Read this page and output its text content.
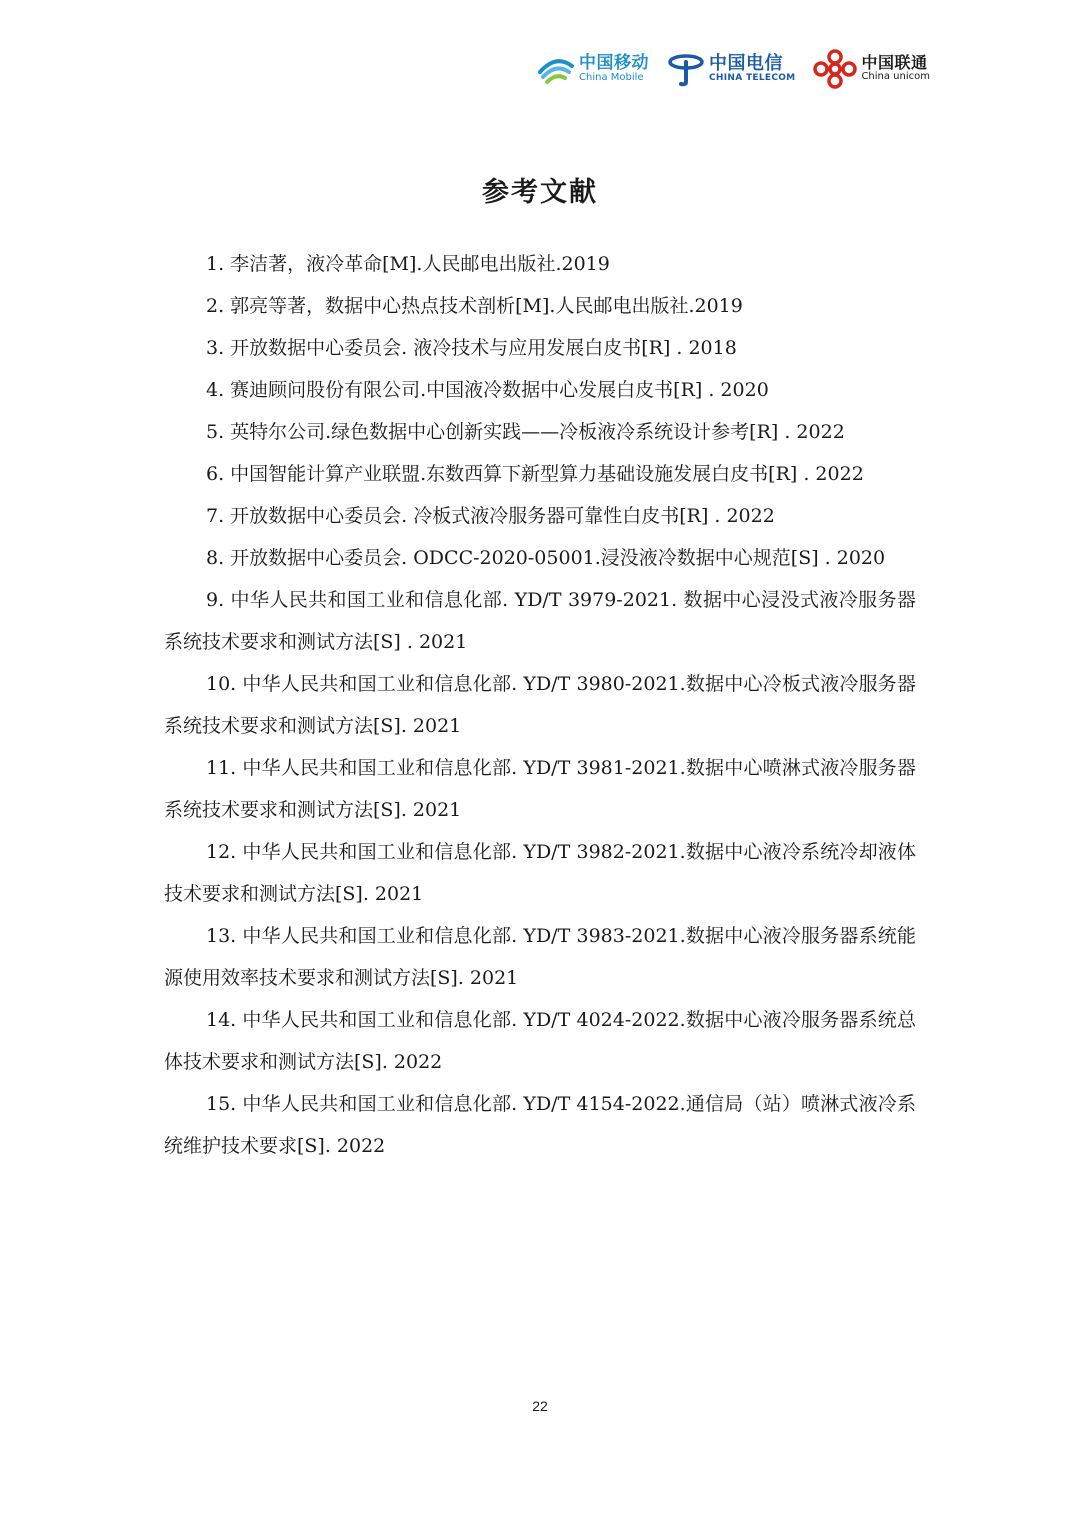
中国移动
China Mobile
中国电信
CHINA TELECOM
中国联通
China unicom
参考文献
1. 李洁著，液冷革命[M].人民邮电出版社.2019
2. 郭亮等著，数据中心热点技术剖析[M].人民邮电出版社.2019
3. 开放数据中心委员会. 液冷技术与应用发展白皮书[R] . 2018
4. 赛迪顾问股份有限公司.中国液冷数据中心发展白皮书[R] . 2020
5. 英特尔公司.绿色数据中心创新实践——冷板液冷系统设计参考[R] . 2022
6. 中国智能计算产业联盟.东数西算下新型算力基础设施发展白皮书[R] . 2022
7. 开放数据中心委员会. 冷板式液冷服务器可靠性白皮书[R] . 2022
8. 开放数据中心委员会. ODCC-2020-05001.浸没液冷数据中心规范[S] . 2020
9. 中华人民共和国工业和信息化部. YD/T 3979-2021. 数据中心浸没式液冷服务器系统技术要求和测试方法[S] . 2021
10. 中华人民共和国工业和信息化部. YD/T 3980-2021.数据中心冷板式液冷服务器系统技术要求和测试方法[S]. 2021
11. 中华人民共和国工业和信息化部. YD/T 3981-2021.数据中心喷淋式液冷服务器系统技术要求和测试方法[S]. 2021
12. 中华人民共和国工业和信息化部. YD/T 3982-2021.数据中心液冷系统冷却液体技术要求和测试方法[S]. 2021
13. 中华人民共和国工业和信息化部. YD/T 3983-2021.数据中心液冷服务器系统能源使用效率技术要求和测试方法[S]. 2021
14. 中华人民共和国工业和信息化部. YD/T 4024-2022.数据中心液冷服务器系统总体技术要求和测试方法[S]. 2022
15. 中华人民共和国工业和信息化部. YD/T 4154-2022.通信局（站）喷淋式液冷系统维护技术要求[S]. 2022
22
